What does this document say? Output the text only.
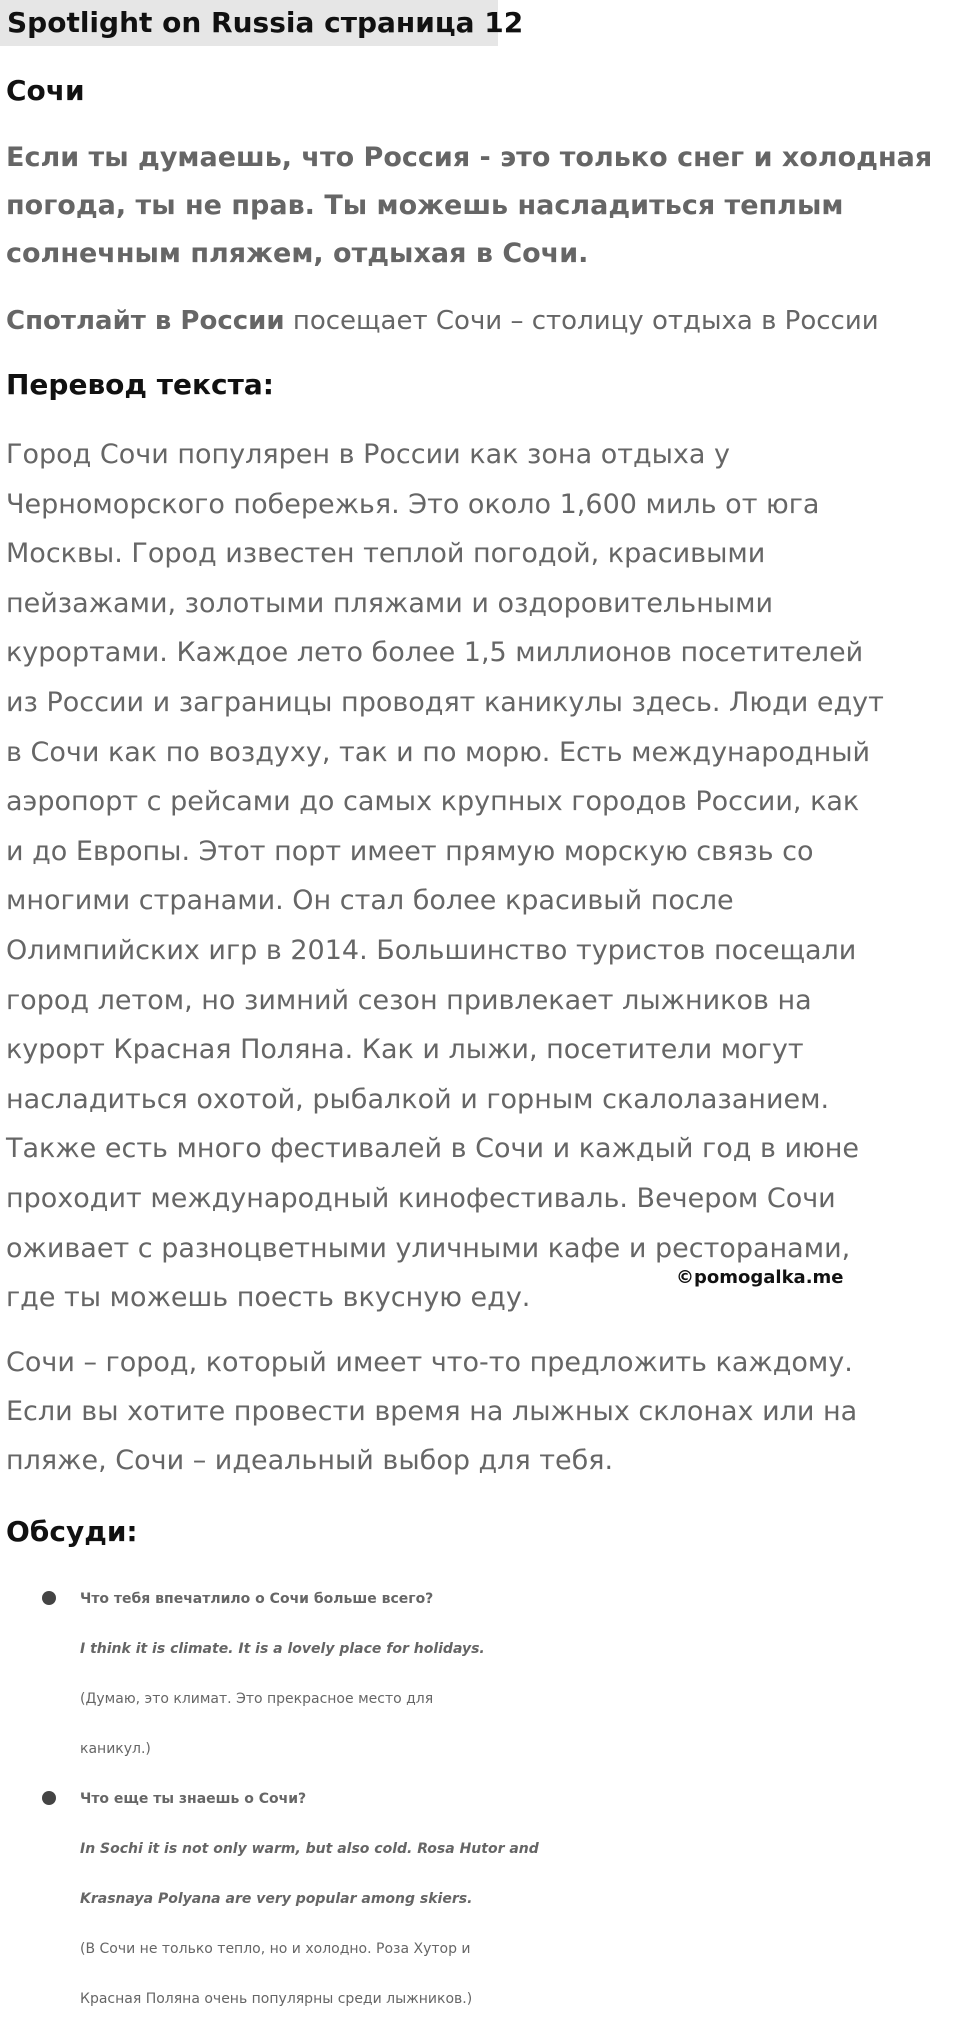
Spotlight on Russia страница 12
Сочи
Если ты думаешь, что Россия - это только снег и холодная
погода, ты не прав. Ты можешь насладиться теплым
солнечным пляжем, отдыхая в Сочи.
Спотлайт в России посещает Сочи – столицу отдыха в России
Перевод текста:
Город Сочи популярен в России как зона отдыха у
Черноморского побережья. Это около 1,600 миль от юга
Москвы. Город известен теплой погодой, красивыми
пейзажами, золотыми пляжами и оздоровительными
курортами. Каждое лето более 1,5 миллионов посетителей
из России и заграницы проводят каникулы здесь. Люди едут
в Сочи как по воздуху, так и по морю. Есть международный
аэропорт с рейсами до самых крупных городов России, как
и до Европы. Этот порт имеет прямую морскую связь со
многими странами. Он стал более красивый после
Олимпийских игр в 2014. Большинство туристов посещали
город летом, но зимний сезон привлекает лыжников на
курорт Красная Поляна. Как и лыжи, посетители могут
насладиться охотой, рыбалкой и горным скалолазанием.
Также есть много фестивалей в Сочи и каждый год в июне
проходит международный кинофестиваль. Вечером Сочи
оживает с разноцветными уличными кафе и ресторанами,
где ты можешь поесть вкусную еду.
©pomogalka.me
Сочи – город, который имеет что-то предложить каждому.
Если вы хотите провести время на лыжных склонах или на
пляже, Сочи – идеальный выбор для тебя.
Обсуди:
Что тебя впечатлило о Сочи больше всего?
I think it is climate. It is a lovely place for holidays.
(Думаю, это климат. Это прекрасное место для
каникул.)
Что еще ты знаешь о Сочи?
In Sochi it is not only warm, but also cold. Rosa Hutor and
Krasnaya Polyana are very popular among skiers.
(В Сочи не только тепло, но и холодно. Роза Хутор и
Красная Поляна очень популярны среди лыжников.)
